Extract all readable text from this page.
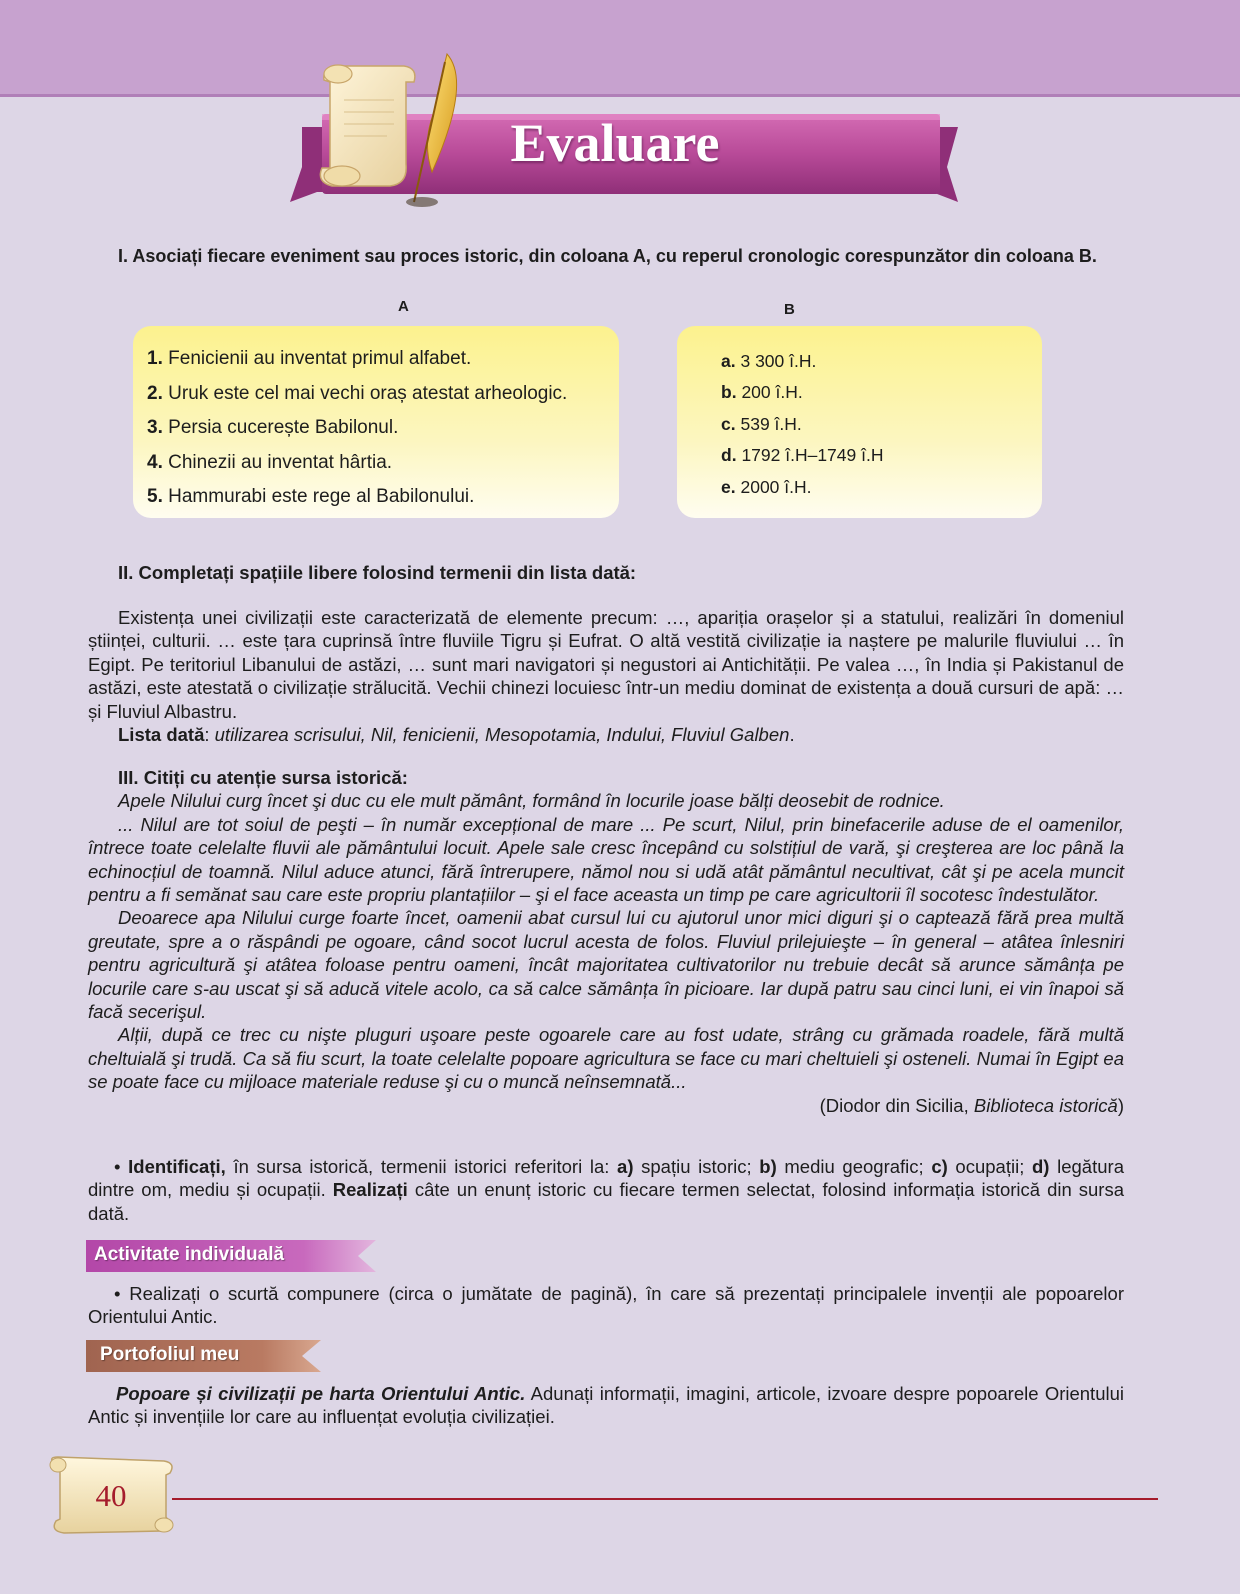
Evaluare
I. Asociați fiecare eveniment sau proces istoric, din coloana A, cu reperul cronologic corespunzător din coloana B.
A	B
1. Fenicienii au inventat primul alfabet.
2. Uruk este cel mai vechi oraș atestat arheologic.
3. Persia cucerește Babilonul.
4. Chinezii au inventat hârtia.
5. Hammurabi este rege al Babilonului.
a. 3 300 î.H.
b. 200 î.H.
c. 539 î.H.
d. 1792 î.H–1749 î.H
e. 2000 î.H.
II. Completați spațiile libere folosind termenii din lista dată:

Existența unei civilizații este caracterizată de elemente precum: …, apariția orașelor și a statului, realizări în domeniul științei, culturii. … este țara cuprinsă între fluviile Tigru și Eufrat. O altă vestită civilizație ia naștere pe malurile fluviului … în Egipt. Pe teritoriul Libanului de astăzi, … sunt mari navigatori și negustori ai Antichității. Pe valea …, în India și Pakistanul de astăzi, este atestată o civilizație strălucită. Vechii chinezi locuiesc într-un mediu dominat de existența a două cursuri de apă: … și Fluviul Albastru.

Lista dată: utilizarea scrisului, Nil, fenicienii, Mesopotamia, Indului, Fluviul Galben.

III. Citiți cu atenție sursa istorică:

Apele Nilului curg încet şi duc cu ele mult pământ, formând în locurile joase bălți deosebit de rodnice.

... Nilul are tot soiul de peşti – în număr excepțional de mare ... Pe scurt, Nilul, prin binefacerile aduse de el oamenilor, întrece toate celelalte fluvii ale pământului locuit. Apele sale cresc începând cu solstițiul de vară, şi creşterea are loc până la echinocțiul de toamnă. Nilul aduce atunci, fără întrerupere, nămol nou si udă atât pământul necultivat, cât şi pe acela muncit pentru a fi semănat sau care este propriu plantațiilor – şi el face aceasta un timp pe care agricultorii îl socotesc îndestulător.

Deoarece apa Nilului curge foarte încet, oamenii abat cursul lui cu ajutorul unor mici diguri şi o captează fără prea multă greutate, spre a o răspândi pe ogoare, când socot lucrul acesta de folos. Fluviul prilejuieşte – în general – atâtea înlesniri pentru agricultură şi atâtea foloase pentru oameni, încât majoritatea cultivatorilor nu trebuie decât să arunce sămânța pe locurile care s-au uscat şi să aducă vitele acolo, ca să calce sămânța în picioare. Iar după patru sau cinci luni, ei vin înapoi să facă secerişul.

Alții, după ce trec cu nişte pluguri uşoare peste ogoarele care au fost udate, strâng cu grămada roadele, fără multă cheltuială şi trudă. Ca să fiu scurt, la toate celelalte popoare agricultura se face cu mari cheltuieli şi osteneli. Numai în Egipt ea se poate face cu mijloace materiale reduse şi cu o muncă neînsemnată...

(Diodor din Sicilia, Biblioteca istorică)

• Identificați, în sursa istorică, termenii istorici referitori la: a) spațiu istoric; b) mediu geografic; c) ocupații; d) legătura dintre om, mediu și ocupații. Realizați câte un enunț istoric cu fiecare termen selectat, folosind informația istorică din sursa dată.
Activitate individuală
• Realizați o scurtă compunere (circa o jumătate de pagină), în care să prezentați principalele invenții ale popoarelor Orientului Antic.
Portofoliul meu
Popoare și civilizații pe harta Orientului Antic. Adunați informații, imagini, articole, izvoare despre popoarele Orientului Antic și invențiile lor care au influențat evoluția civilizației.
40
